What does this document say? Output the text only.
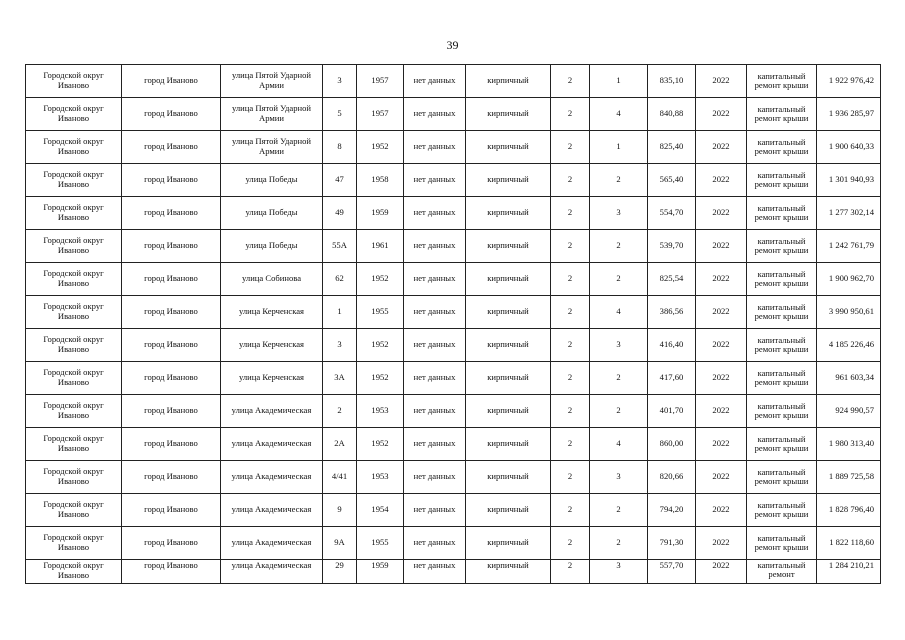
39
Городской округ Иваново	город Иваново	улица Пятой Ударной Армии	3	1957	нет данных	кирпичный	2	1	835,10	2022	капитальный ремонт крыши	1 922 976,42
Городской округ Иваново	город Иваново	улица Пятой Ударной Армии	5	1957	нет данных	кирпичный	2	4	840,88	2022	капитальный ремонт крыши	1 936 285,97
Городской округ Иваново	город Иваново	улица Пятой Ударной Армии	8	1952	нет данных	кирпичный	2	1	825,40	2022	капитальный ремонт крыши	1 900 640,33
Городской округ Иваново	город Иваново	улица Победы	47	1958	нет данных	кирпичный	2	2	565,40	2022	капитальный ремонт крыши	1 301 940,93
Городской округ Иваново	город Иваново	улица Победы	49	1959	нет данных	кирпичный	2	3	554,70	2022	капитальный ремонт крыши	1 277 302,14
Городской округ Иваново	город Иваново	улица Победы	55А	1961	нет данных	кирпичный	2	2	539,70	2022	капитальный ремонт крыши	1 242 761,79
Городской округ Иваново	город Иваново	улица Собинова	62	1952	нет данных	кирпичный	2	2	825,54	2022	капитальный ремонт крыши	1 900 962,70
Городской округ Иваново	город Иваново	улица Керченская	1	1955	нет данных	кирпичный	2	4	386,56	2022	капитальный ремонт крыши	3 990 950,61
Городской округ Иваново	город Иваново	улица Керченская	3	1952	нет данных	кирпичный	2	3	416,40	2022	капитальный ремонт крыши	4 185 226,46
Городской округ Иваново	город Иваново	улица Керченская	3А	1952	нет данных	кирпичный	2	2	417,60	2022	капитальный ремонт крыши	961 603,34
Городской округ Иваново	город Иваново	улица Академическая	2	1953	нет данных	кирпичный	2	2	401,70	2022	капитальный ремонт крыши	924 990,57
Городской округ Иваново	город Иваново	улица Академическая	2А	1952	нет данных	кирпичный	2	4	860,00	2022	капитальный ремонт крыши	1 980 313,40
Городской округ Иваново	город Иваново	улица Академическая	4/41	1953	нет данных	кирпичный	2	3	820,66	2022	капитальный ремонт крыши	1 889 725,58
Городской округ Иваново	город Иваново	улица Академическая	9	1954	нет данных	кирпичный	2	2	794,20	2022	капитальный ремонт крыши	1 828 796,40
Городской округ Иваново	город Иваново	улица Академическая	9А	1955	нет данных	кирпичный	2	2	791,30	2022	капитальный ремонт крыши	1 822 118,60
Городской округ Иваново	город Иваново	улица Академическая	29	1959	нет данных	кирпичный	2	3	557,70	2022	капитальный ремонт	1 284 210,21
